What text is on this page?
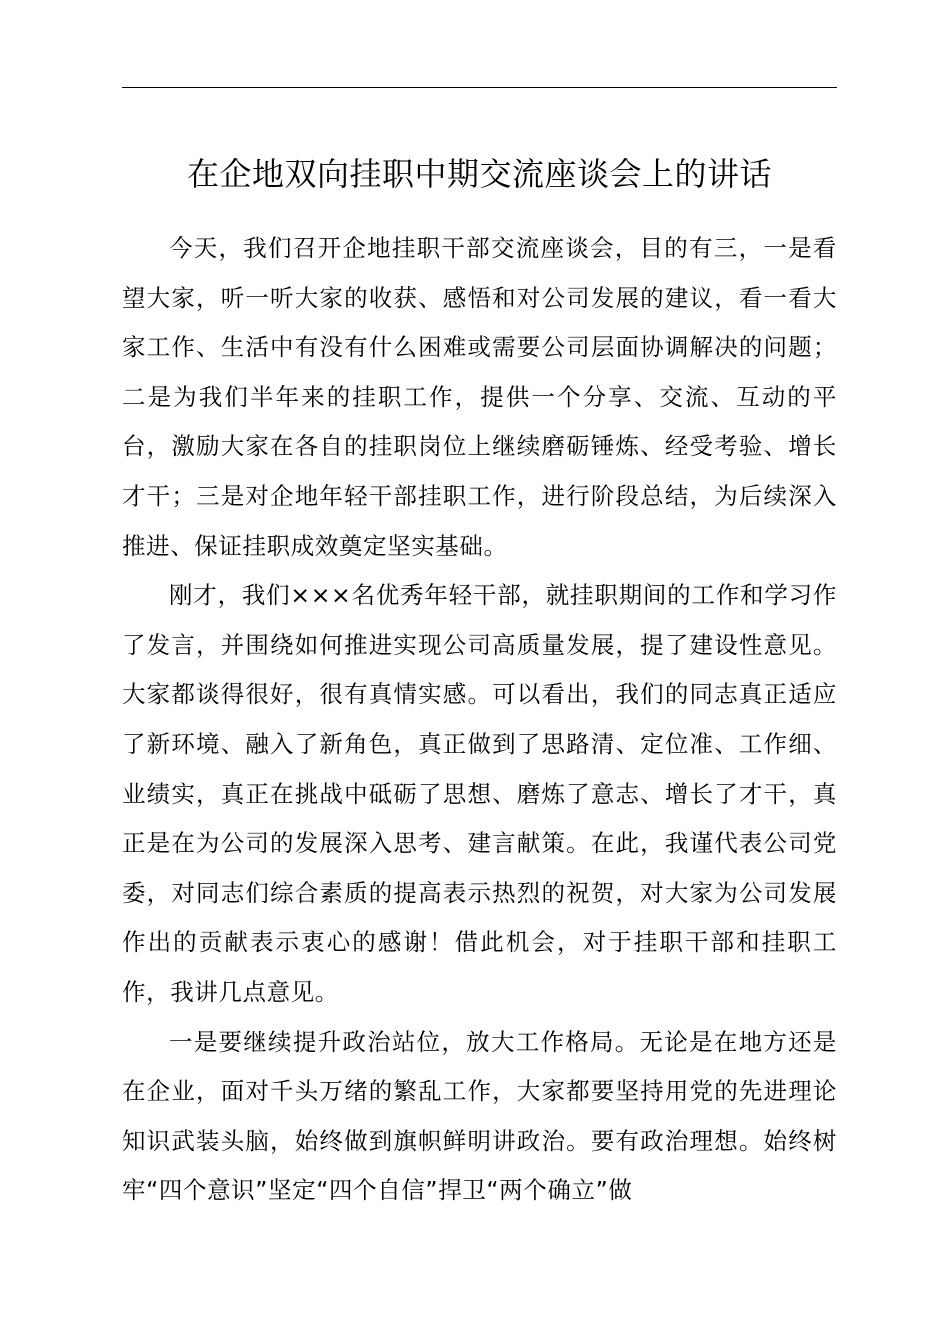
在企地双向挂职中期交流座谈会上的讲话

今天，我们召开企地挂职干部交流座谈会，目的有三，一是看望大家，听一听大家的收获、感悟和对公司发展的建议，看一看大家工作、生活中有没有什么困难或需要公司层面协调解决的问题；二是为我们半年来的挂职工作，提供一个分享、交流、互动的平台，激励大家在各自的挂职岗位上继续磨砺锤炼、经受考验、增长才干；三是对企地年轻干部挂职工作，进行阶段总结，为后续深入推进、保证挂职成效奠定坚实基础。

刚才，我们×××名优秀年轻干部，就挂职期间的工作和学习作了发言，并围绕如何推进实现公司高质量发展，提了建设性意见。大家都谈得很好，很有真情实感。可以看出，我们的同志真正适应了新环境、融入了新角色，真正做到了思路清、定位准、工作细、业绩实，真正在挑战中砥砺了思想、磨炼了意志、增长了才干，真正是在为公司的发展深入思考、建言献策。在此，我谨代表公司党委，对同志们综合素质的提高表示热烈的祝贺，对大家为公司发展作出的贡献表示衷心的感谢！借此机会，对于挂职干部和挂职工作，我讲几点意见。

一是要继续提升政治站位，放大工作格局。无论是在地方还是在企业，面对千头万绪的繁乱工作，大家都要坚持用党的先进理论知识武装头脑，始终做到旗帜鲜明讲政治。要有政治理想。始终树牢“四个意识”坚定“四个自信”捍卫“两个确立”做
